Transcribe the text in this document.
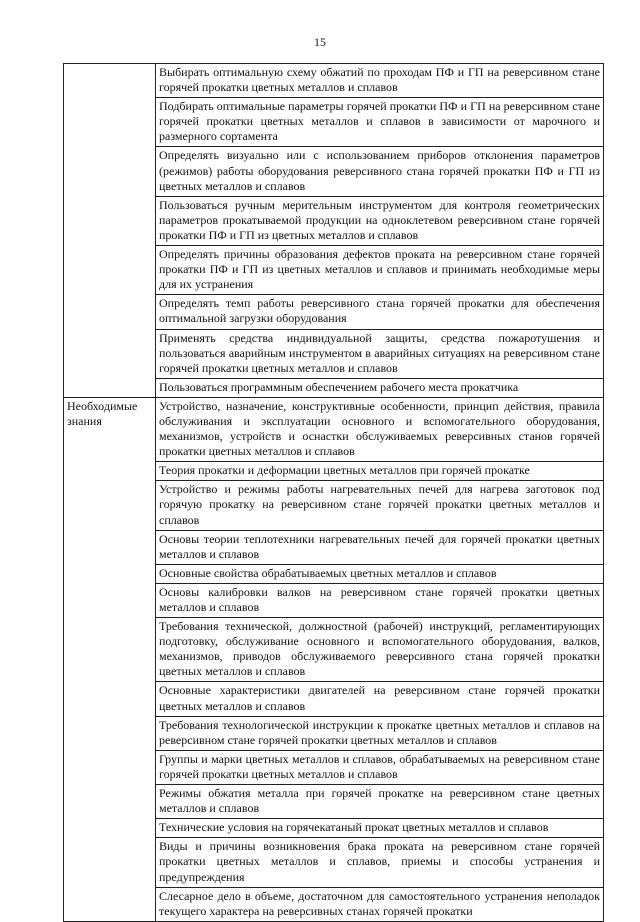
15
	Выбирать оптимальную схему обжатий по проходам ПФ и ГП на реверсивном стане горячей прокатки цветных металлов и сплавов
	Подбирать оптимальные параметры горячей прокатки ПФ и ГП на реверсивном стане горячей прокатки цветных металлов и сплавов в зависимости от марочного и размерного сортамента
	Определять визуально или с использованием приборов отклонения параметров (режимов) работы оборудования реверсивного стана горячей прокатки ПФ и ГП из цветных металлов и сплавов
	Пользоваться ручным мерительным инструментом для контроля геометрических параметров прокатываемой продукции на одноклетевом реверсивном стане горячей прокатки ПФ и ГП из цветных металлов и сплавов
	Определять причины образования дефектов проката на реверсивном стане горячей прокатки ПФ и ГП из цветных металлов и сплавов и принимать необходимые меры для их устранения
	Определять темп работы реверсивного стана горячей прокатки для обеспечения оптимальной загрузки оборудования
	Применять средства индивидуальной защиты, средства пожаротушения и пользоваться аварийным инструментом в аварийных ситуациях на реверсивном стане горячей прокатки цветных металлов и сплавов
	Пользоваться программным обеспечением рабочего места прокатчика
Необходимые знания	Устройство, назначение, конструктивные особенности, принцип действия, правила обслуживания и эксплуатации основного и вспомогательного оборудования, механизмов, устройств и оснастки обслуживаемых реверсивных станов горячей прокатки цветных металлов и сплавов
	Теория прокатки и деформации цветных металлов при горячей прокатке
	Устройство и режимы работы нагревательных печей для нагрева заготовок под горячую прокатку на реверсивном стане горячей прокатки цветных металлов и сплавов
	Основы теории теплотехники нагревательных печей для горячей прокатки цветных металлов и сплавов
	Основные свойства обрабатываемых цветных металлов и сплавов
	Основы калибровки валков на реверсивном стане горячей прокатки цветных металлов и сплавов
	Требования технической, должностной (рабочей) инструкций, регламентирующих подготовку, обслуживание основного и вспомогательного оборудования, валков, механизмов, приводов обслуживаемого реверсивного стана горячей прокатки цветных металлов и сплавов
	Основные характеристики двигателей на реверсивном стане горячей прокатки цветных металлов и сплавов
	Требования технологической инструкции к прокатке цветных металлов и сплавов на реверсивном стане горячей прокатки цветных металлов и сплавов
	Группы и марки цветных металлов и сплавов, обрабатываемых на реверсивном стане горячей прокатки цветных металлов и сплавов
	Режимы обжатия металла при горячей прокатке на реверсивном стане цветных металлов и сплавов
	Технические условия на горячекатаный прокат цветных металлов и сплавов
	Виды и причины возникновения брака проката на реверсивном стане горячей прокатки цветных металлов и сплавов, приемы и способы устранения и предупреждения
	Слесарное дело в объеме, достаточном для самостоятельного устранения неполадок текущего характера на реверсивных станах горячей прокатки
